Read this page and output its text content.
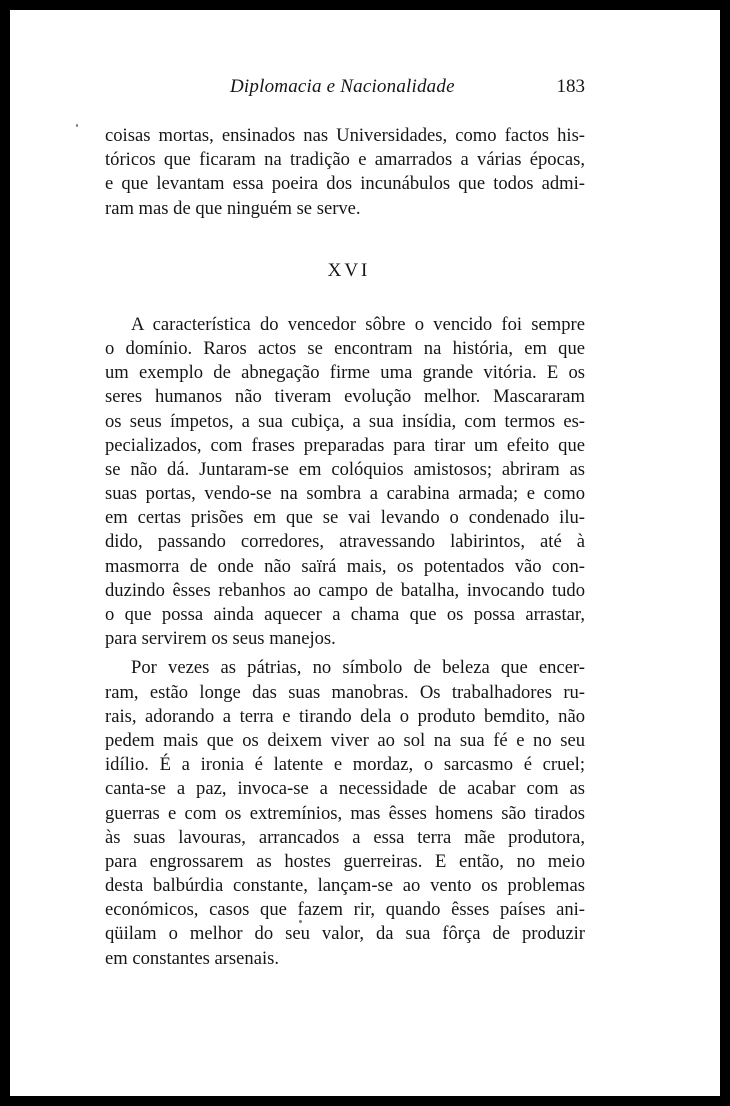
Diplomacia e Nacionalidade	183
coisas mortas, ensinados nas Universidades, como factos his-
tóricos que ficaram na tradição e amarrados a várias épocas,
e que levantam essa poeira dos incunábulos que todos admi-
ram mas de que ninguém se serve.
XVI
A característica do vencedor sôbre o vencido foi sempre
o domínio. Raros actos se encontram na história, em que
um exemplo de abnegação firme uma grande vitória. E os
seres humanos não tiveram evolução melhor. Mascararam
os seus ímpetos, a sua cubiça, a sua insídia, com termos es-
pecializados, com frases preparadas para tirar um efeito que
se não dá. Juntaram-se em colóquios amistosos; abriram as
suas portas, vendo-se na sombra a carabina armada; e como
em certas prisões em que se vai levando o condenado ilu-
dido, passando corredores, atravessando labirintos, até à
masmorra de onde não saïrá mais, os potentados vão con-
duzindo êsses rebanhos ao campo de batalha, invocando tudo
o que possa ainda aquecer a chama que os possa arrastar,
para servirem os seus manejos.
Por vezes as pátrias, no símbolo de beleza que encer-
ram, estão longe das suas manobras. Os trabalhadores ru-
rais, adorando a terra e tirando dela o produto bemdito, não
pedem mais que os deixem viver ao sol na sua fé e no seu
idílio. É a ironia é latente e mordaz, o sarcasmo é cruel;
canta-se a paz, invoca-se a necessidade de acabar com as
guerras e com os extremínios, mas êsses homens são tirados
às suas lavouras, arrancados a essa terra mãe produtora,
para engrossarem as hostes guerreiras. E então, no meio
desta balbúrdia constante, lançam-se ao vento os problemas
económicos, casos que fazem rir, quando êsses países ani-
qüilam o melhor do seu valor, da sua fôrça de produzir
em constantes arsenais.
